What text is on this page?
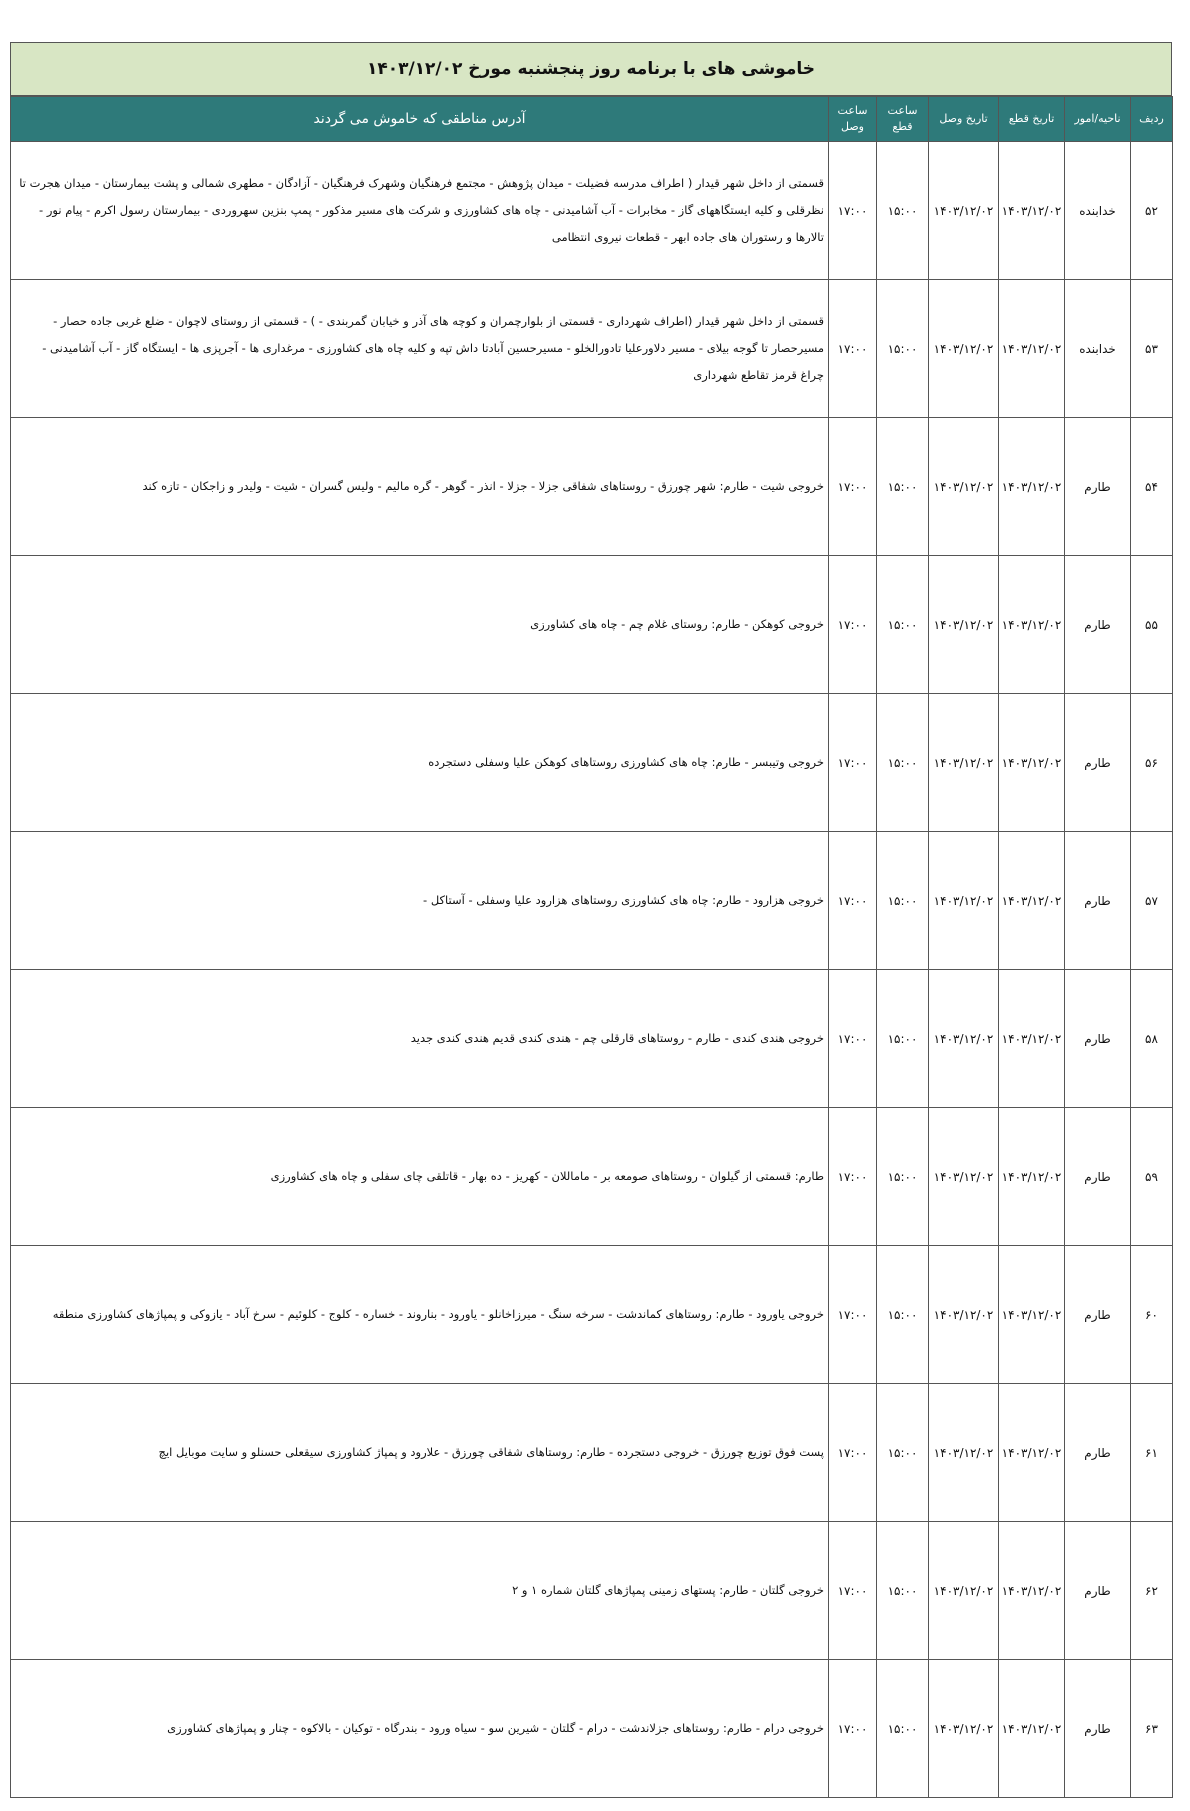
خاموشی های با برنامه روز پنجشنبه مورخ ۱۴۰۳/۱۲/۰۲
ردیف	ناحیه/امور	تاریخ قطع	تاریخ وصل	ساعت قطع	ساعت وصل	آدرس مناطقی که خاموش می گردند
۵۲	خدابنده	۱۴۰۳/۱۲/۰۲	۱۴۰۳/۱۲/۰۲	۱۵:۰۰	۱۷:۰۰	قسمتی از داخل شهر قیدار ( اطراف مدرسه فضیلت - میدان پژوهش - مجتمع فرهنگیان وشهرک فرهنگیان - آزادگان - مطهری شمالی و پشت بیمارستان - میدان هجرت تا نظرقلی و کلیه ایستگاههای گاز - مخابرات - آب آشامیدنی - چاه های کشاورزی و شرکت های مسیر مذکور - پمپ بنزین سهروردی - بیمارستان رسول اکرم - پیام نور - تالارها و رستوران های جاده ابهر - قطعات نیروی انتظامی
۵۳	خدابنده	۱۴۰۳/۱۲/۰۲	۱۴۰۳/۱۲/۰۲	۱۵:۰۰	۱۷:۰۰	قسمتی از داخل شهر قیدار (اطراف شهرداری - قسمتی از بلوارچمران و کوچه های آذر و خیابان گمربندی - ) - قسمتی از روستای لاچوان - ضلع غربی جاده حصار - مسیرحصار تا گوجه بیلای - مسیر دلاورعلیا تادورالخلو - مسیرحسین آبادتا داش تپه و کلیه چاه های کشاورزی - مرغداری ها - آجرپزی ها - ایستگاه گاز - آب آشامیدنی - چراغ قرمز تقاطع شهرداری
۵۴	طارم	۱۴۰۳/۱۲/۰۲	۱۴۰۳/۱۲/۰۲	۱۵:۰۰	۱۷:۰۰	خروجی شیت - طارم: شهر چورزق - روستاهای شفاقی جزلا - جزلا - انذر - گوهر - گره مالیم - ولیس گسران - شیت - ولیدر و زاجکان - تازه کند
۵۵	طارم	۱۴۰۳/۱۲/۰۲	۱۴۰۳/۱۲/۰۲	۱۵:۰۰	۱۷:۰۰	خروجی کوهکن - طارم: روستای غلام چم - چاه های کشاورزی
۵۶	طارم	۱۴۰۳/۱۲/۰۲	۱۴۰۳/۱۲/۰۲	۱۵:۰۰	۱۷:۰۰	خروجی وتیبسر - طارم: چاه های کشاورزی روستاهای کوهکن علیا وسفلی دستجرده
۵۷	طارم	۱۴۰۳/۱۲/۰۲	۱۴۰۳/۱۲/۰۲	۱۵:۰۰	۱۷:۰۰	خروجی هزارود - طارم: چاه های کشاورزی روستاهای هزارود علیا وسفلی - آستاکل -
۵۸	طارم	۱۴۰۳/۱۲/۰۲	۱۴۰۳/۱۲/۰۲	۱۵:۰۰	۱۷:۰۰	خروجی هندی کندی - طارم - روستاهای قارقلی چم - هندی کندی قدیم هندی کندی جدید
۵۹	طارم	۱۴۰۳/۱۲/۰۲	۱۴۰۳/۱۲/۰۲	۱۵:۰۰	۱۷:۰۰	طارم: قسمتی از گیلوان - روستاهای صومعه بر - ماماللان - کهریز - ده بهار - قاتلقی چای سفلی و چاه های کشاورزی
۶۰	طارم	۱۴۰۳/۱۲/۰۲	۱۴۰۳/۱۲/۰۲	۱۵:۰۰	۱۷:۰۰	خروجی یاورود - طارم: روستاهای کماندشت - سرخه سنگ - میرزاخانلو - یاورود - بناروند - خساره - کلوج - کلوئیم - سرخ آباد - یازوکی و پمپاژهای کشاورزی منطقه
۶۱	طارم	۱۴۰۳/۱۲/۰۲	۱۴۰۳/۱۲/۰۲	۱۵:۰۰	۱۷:۰۰	پست فوق توزیع چورزق - خروجی دستجرده - طارم: روستاهای شفاقی چورزق - علارود و پمپاژ کشاورزی سیقعلی حسنلو و سایت موبایل ایچ
۶۲	طارم	۱۴۰۳/۱۲/۰۲	۱۴۰۳/۱۲/۰۲	۱۵:۰۰	۱۷:۰۰	خروجی گلتان - طارم: پستهای زمینی پمپاژهای گلتان شماره ۱ و ۲
۶۳	طارم	۱۴۰۳/۱۲/۰۲	۱۴۰۳/۱۲/۰۲	۱۵:۰۰	۱۷:۰۰	خروجی درام - طارم: روستاهای جزلاندشت - درام - گلتان - شیرین سو - سیاه ورود - بندرگاه - توکیان - بالاکوه - چنار و پمپاژهای کشاورزی
